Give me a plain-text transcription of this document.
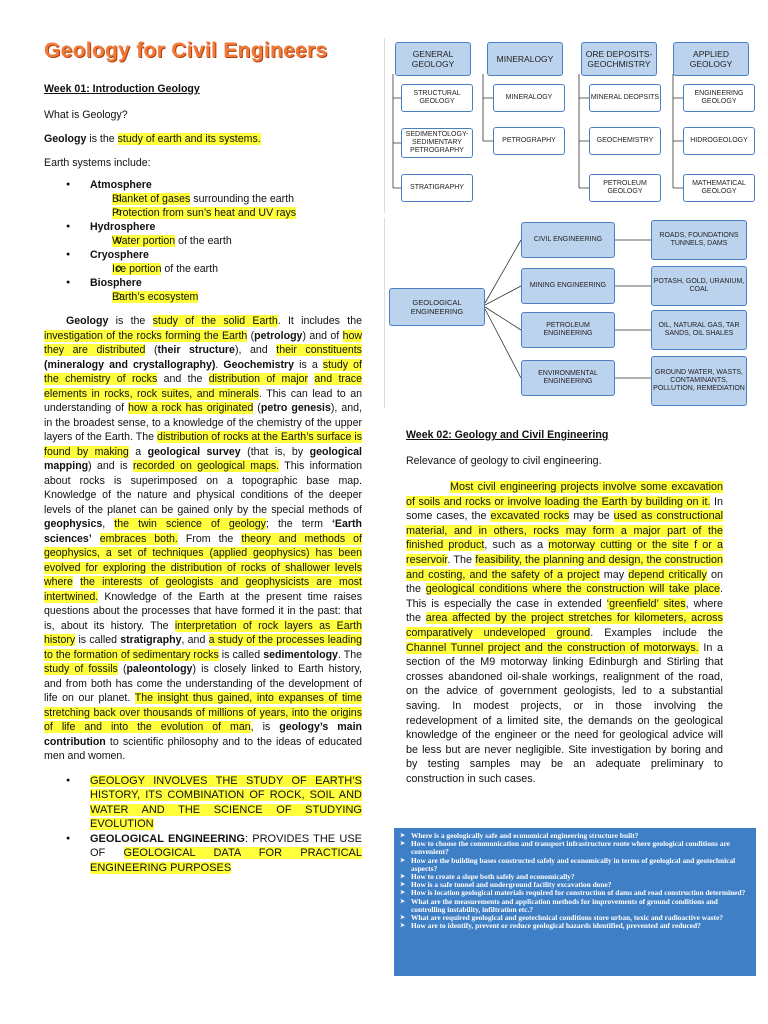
Geology for Civil Engineers
Week 01: Introduction Geology

What is Geology?

Geology is the study of earth and its systems.

Earth systems include:

● Atmosphere
o Blanket of gases surrounding the earth
o Protection from sun’s heat and UV rays
● Hydrosphere
o Water portion of the earth
● Cryosphere
o Ice portion of the earth
● Biosphere
o Earth’s ecosystem

Geology is the study of the solid Earth. It includes the investigation of the rocks forming the Earth (petrology) and of how they are distributed (their structure), and their constituents (mineralogy and crystallography). Geochemistry is a study of the chemistry of rocks and the distribution of major and trace elements in rocks, rock suites, and minerals. This can lead to an understanding of how a rock has originated (petro genesis), and, in the broadest sense, to a knowledge of the chemistry of the upper layers of the Earth. The distribution of rocks at the Earth’s surface is found by making a geological survey (that is, by geological mapping) and is recorded on geological maps. This information about rocks is superimposed on a topographic base map. Knowledge of the nature and physical conditions of the deeper levels of the planet can be gained only by the special methods of geophysics, the twin science of geology; the term ‘Earth sciences’ embraces both. From the theory and methods of geophysics, a set of techniques (applied geophysics) has been evolved for exploring the distribution of rocks of shallower levels where the interests of geologists and geophysicists are most intertwined. Knowledge of the Earth at the present time raises questions about the processes that have formed it in the past: that is, about its history. The interpretation of rock layers as Earth history is called stratigraphy, and a study of the processes leading to the formation of sedimentary rocks is called sedimentology. The study of fossils (paleontology) is closely linked to Earth history, and from both has come the understanding of the development of life on our planet. The insight thus gained, into expanses of time stretching back over thousands of millions of years, into the origins of life and into the evolution of man, is geology’s main contribution to scientific philosophy and to the ideas of educated men and women.

● GEOLOGY INVOLVES THE STUDY OF EARTH’S HISTORY, ITS COMBINATION OF ROCK, SOIL AND WATER AND THE SCIENCE OF STUDYING EVOLUTION
● GEOLOGICAL ENGINEERING: PROVIDES THE USE OF GEOLOGICAL DATA FOR PRACTICAL ENGINEERING PURPOSES
GENERAL GEOLOGY	MINERALOGY	ORE DEPOSITS- GEOCHMISTRY
APPLIED GEOLOGY
STRUCTURAL GEOLOGY
SEDIMENTOLOGY- SEDIMENTARY PETROGRAPHY
STRATIGRAPHY
MINERALOGY
PETROGRAPHY
MINERAL DEOPSITS
GEOCHEMISTRY
PETROLEUM GEOLOGY
ENGINEERING GEOLOGY
HIDROGEOLOGY
MATHEMATICAL GEOLOGY
GEOLOGICAL ENGINEERING
CIVIL ENGINEERING
MINING ENGINEERING
PETROLEUM ENGINEERING
ENVIRONMENTAL ENGINEERING
ROADS, FOUNDATIONS TUNNELS, DAMS
POTASH, GOLD, URANIUM, COAL
OIL, NATURAL GAS, TAR SANDS, OIL SHALES
GROUND WATER, WASTS, CONTAMINANTS, POLLUTION, REMEDIATION
Week 02: Geology and Civil Engineering

Relevance of geology to civil engineering.

Most civil engineering projects involve some excavation of soils and rocks or involve loading the Earth by building on it. In some cases, the excavated rocks may be used as constructional material, and in others, rocks may form a major part of the finished product, such as a motorway cutting or the site f or a reservoir. The feasibility, the planning and design, the construction and costing, and the safety of a project may depend critically on the geological conditions where the construction will take place. This is especially the case in extended ‘greenfield’ sites, where the area affected by the project stretches for kilometers, across comparatively undeveloped ground. Examples include the Channel Tunnel project and the construction of motorways. In a section of the M9 motorway linking Edinburgh and Stirling that crosses abandoned oil-shale workings, realignment of the road, on the advice of government geologists, led to a substantial saving. In modest projects, or in those involving the redevelopment of a limited site, the demands on the geological knowledge of the engineer or the need for geological advice will be less but are never negligible. Site investigation by boring and by testing samples may be an adequate preliminary to construction in such cases.

➤ Where is a geologically safe and economical engineering structure built?
➤ How to choose the communication and transport infrastructure route where geological conditions are convenient?
➤ How are the building bases constructed safely and economically in terms of geological and geotechnical aspects?
➤ How to create a slope both safely and economically?
➤ How is a safe tunnel and underground facility excavation done?
➤ How is location geological materials required for construction of dams and road construction determined?
➤ What are the measurements and application methods for improvements of ground conditions and controlling instability, infiltration etc.?
➤ What are required geological and geotechnical conditions store urban, toxic and radioactive waste?
➤ How are to identify, prevent or reduce geological hazards identified, prevented anf reduced?
